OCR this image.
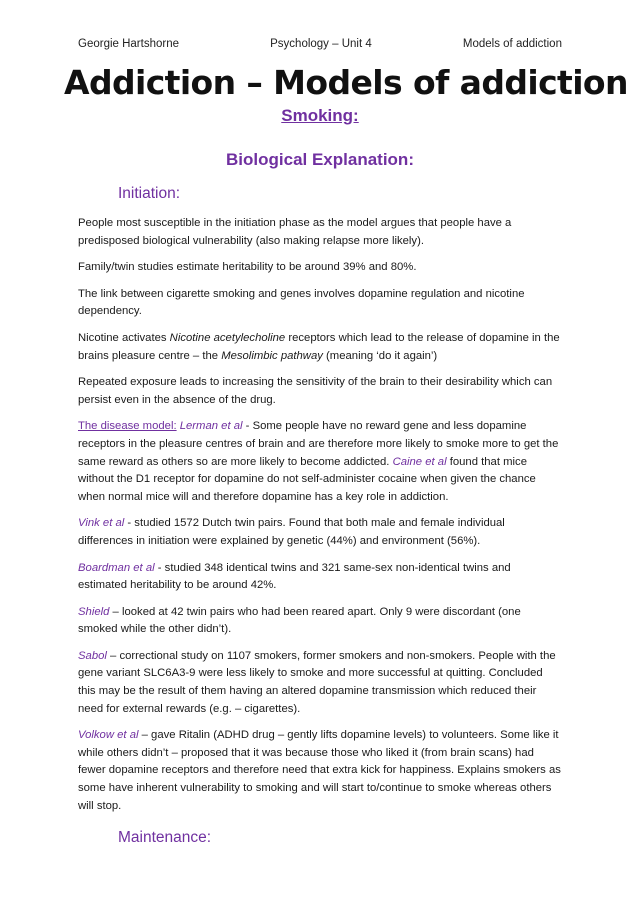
Georgie Hartshorne	Psychology – Unit 4	Models of addiction
Addiction – Models of addiction
Smoking:
Biological Explanation:
Initiation:

People most susceptible in the initiation phase as the model argues that people have a predisposed biological vulnerability (also making relapse more likely).

Family/twin studies estimate heritability to be around 39% and 80%.

The link between cigarette smoking and genes involves dopamine regulation and nicotine dependency.

Nicotine activates Nicotine acetylecholine receptors which lead to the release of dopamine in the brains pleasure centre – the Mesolimbic pathway (meaning ‘do it again’)

Repeated exposure leads to increasing the sensitivity of the brain to their desirability which can persist even in the absence of the drug.

The disease model: Lerman et al - Some people have no reward gene and less dopamine receptors in the pleasure centres of brain and are therefore more likely to smoke more to get the same reward as others so are more likely to become addicted. Caine et al found that mice without the D1 receptor for dopamine do not self-administer cocaine when given the chance when normal mice will and therefore dopamine has a key role in addiction.

Vink et al - studied 1572 Dutch twin pairs. Found that both male and female individual differences in initiation were explained by genetic (44%) and environment (56%).

Boardman et al - studied 348 identical twins and 321 same-sex non-identical twins and estimated heritability to be around 42%.

Shield – looked at 42 twin pairs who had been reared apart. Only 9 were discordant (one smoked while the other didn’t).

Sabol – correctional study on 1107 smokers, former smokers and non-smokers. People with the gene variant SLC6A3-9 were less likely to smoke and more successful at quitting. Concluded this may be the result of them having an altered dopamine transmission which reduced their need for external rewards (e.g. – cigarettes).

Volkow et al – gave Ritalin (ADHD drug – gently lifts dopamine levels) to volunteers. Some like it while others didn’t – proposed that it was because those who liked it (from brain scans) had fewer dopamine receptors and therefore need that extra kick for happiness. Explains smokers as some have inherent vulnerability to smoking and will start to/continue to smoke whereas others will stop.

Maintenance:
